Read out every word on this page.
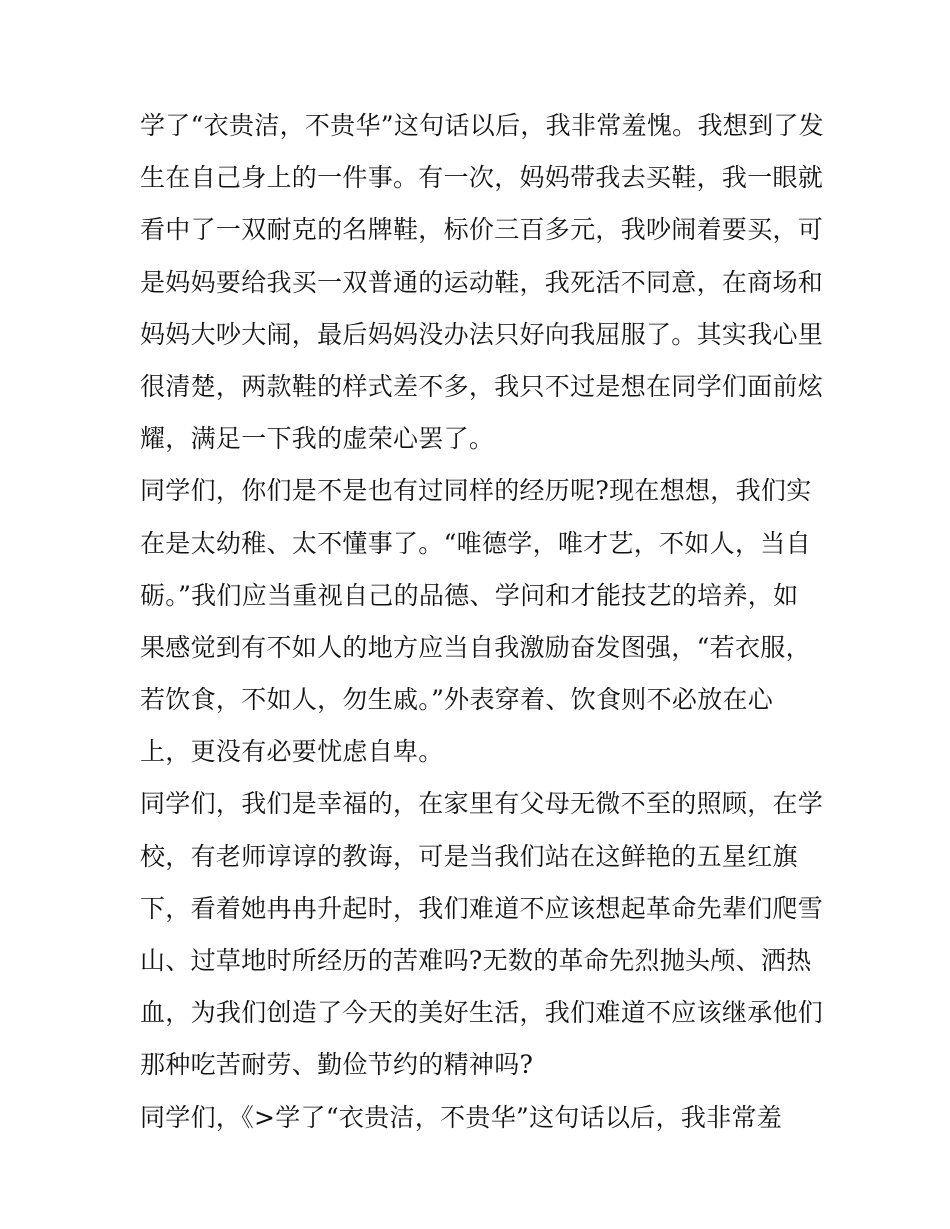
学了“衣贵洁，不贵华”这句话以后，我非常羞愧。我想到了发
生在自己身上的一件事。有一次，妈妈带我去买鞋，我一眼就
看中了一双耐克的名牌鞋，标价三百多元，我吵闹着要买，可
是妈妈要给我买一双普通的运动鞋，我死活不同意，在商场和
妈妈大吵大闹，最后妈妈没办法只好向我屈服了。其实我心里
很清楚，两款鞋的样式差不多，我只不过是想在同学们面前炫
耀，满足一下我的虚荣心罢了。
同学们，你们是不是也有过同样的经历呢?现在想想，我们实
在是太幼稚、太不懂事了。“唯德学，唯才艺，不如人，当自
砺。”我们应当重视自己的品德、学问和才能技艺的培养，如
果感觉到有不如人的地方应当自我激励奋发图强，“若衣服，
若饮食，不如人，勿生戚。”外表穿着、饮食则不必放在心
上，更没有必要忧虑自卑。
同学们，我们是幸福的，在家里有父母无微不至的照顾，在学
校，有老师谆谆的教诲，可是当我们站在这鲜艳的五星红旗
下，看着她冉冉升起时，我们难道不应该想起革命先辈们爬雪
山、过草地时所经历的苦难吗?无数的革命先烈抛头颅、洒热
血，为我们创造了今天的美好生活，我们难道不应该继承他们
那种吃苦耐劳、勤俭节约的精神吗?
同学们，《>学了“衣贵洁，不贵华”这句话以后，我非常羞
